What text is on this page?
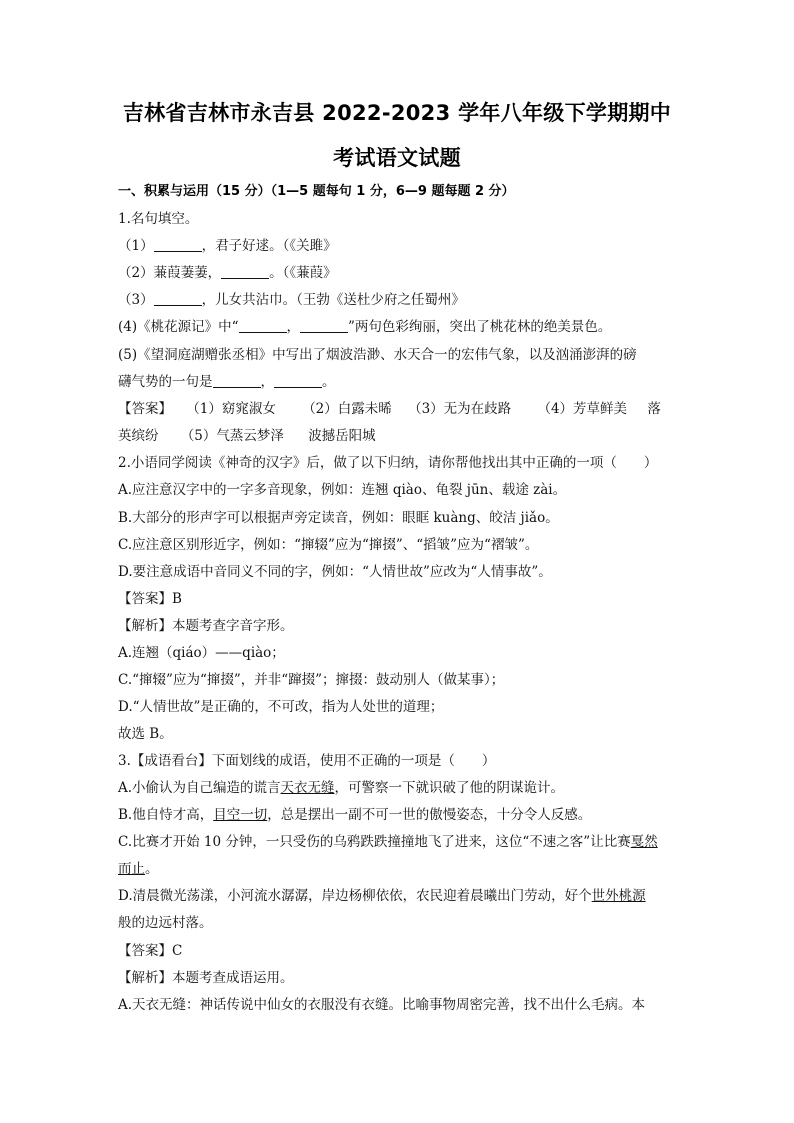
吉林省吉林市永吉县 2022-2023 学年八年级下学期期中
考试语文试题
一、积累与运用（15 分）（1—5 题每句 1 分，6—9 题每题 2 分）
1.名句填空。
（1）	，君子好逑。（《关雎》
（2）蒹葭萋萋，	。（《蒹葭》
（3）	，儿女共沾巾。（王勃《送杜少府之任蜀州》
(4)《桃花源记》中“	，	”两句色彩绚丽，突出了桃花林的绝美景色。
(5)《望洞庭湖赠张丞相》中写出了烟波浩渺、水天合一的宏伟气象，以及汹涌澎湃的磅
礴气势的一句是	，	。
【答案】 （1）窈窕淑女 （2）白露未晞 （3）无为在歧路 （4）芳草鲜美 落
英缤纷 （5）气蒸云梦泽 波撼岳阳城
2.小语同学阅读《神奇的汉字》后，做了以下归纳，请你帮他找出其中正确的一项（　　）
A.应注意汉字中的一字多音现象，例如：连翘 qiào、龟裂 jūn、载途 zài。
B.大部分的形声字可以根据声旁定读音，例如：眼眶 kuàng、皎洁 jiǎo。
C.应注意区别形近字，例如：“撺辍”应为“撺掇”、“搯皱”应为“褶皱”。
D.要注意成语中音同义不同的字，例如：“人情世故”应改为“人情事故”。
【答案】B
【解析】本题考查字音字形。
A.连翘（qiáo）——qiào；
C.“撺辍”应为“撺掇”，并非“蹿掇”；撺掇：鼓动别人（做某事）；
D.“人情世故”是正确的，不可改，指为人处世的道理；
故选 B。
3.【成语看台】下面划线的成语，使用不正确的一项是（　　）
A.小偷认为自己编造的谎言天衣无缝，可警察一下就识破了他的阴谋诡计。
B.他自恃才高，目空一切，总是摆出一副不可一世的傲慢姿态，十分令人反感。
C.比赛才开始 10 分钟，一只受伤的乌鸦跌跌撞撞地飞了进来，这位“不速之客”让比赛戛然
而止。
D.清晨微光荡漾，小河流水潺潺，岸边杨柳依依，农民迎着晨曦出门劳动，好个世外桃源
般的边远村落。
【答案】C
【解析】本题考查成语运用。
A.天衣无缝：神话传说中仙女的衣服没有衣缝。比喻事物周密完善，找不出什么毛病。本
